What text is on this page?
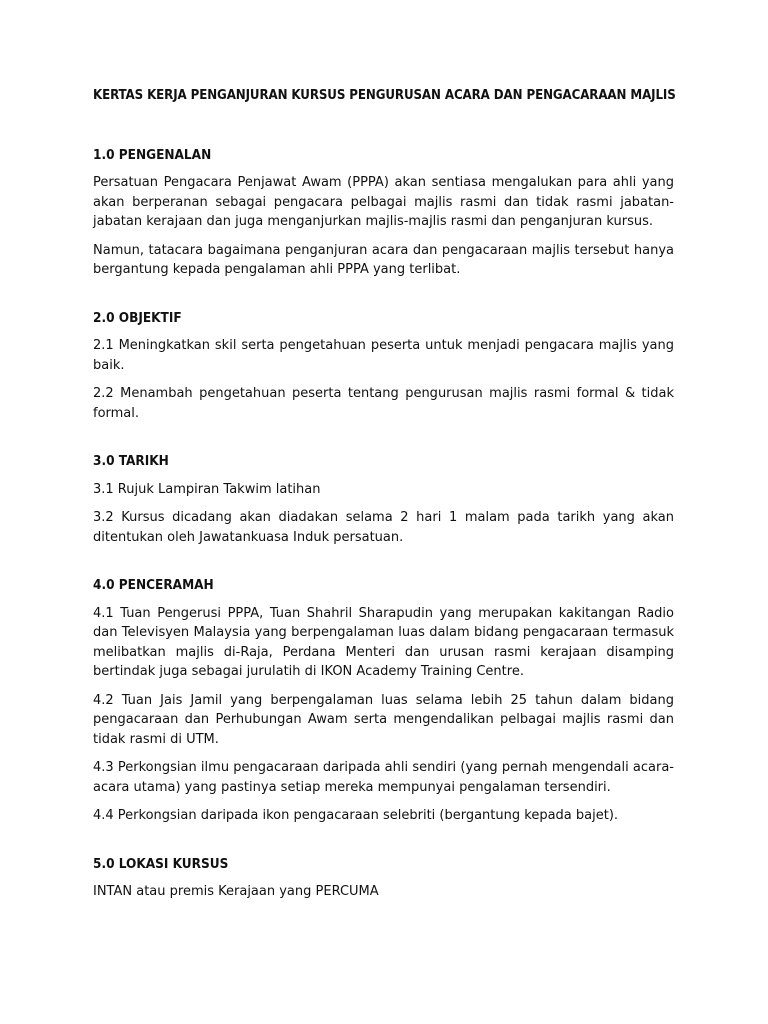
KERTAS KERJA PENGANJURAN KURSUS PENGURUSAN ACARA DAN PENGACARAAN MAJLIS
1.0 PENGENALAN

Persatuan Pengacara Penjawat Awam (PPPA) akan sentiasa mengalukan para ahli yang akan berperanan sebagai pengacara pelbagai majlis rasmi dan tidak rasmi jabatan-jabatan kerajaan dan juga menganjurkan majlis-majlis rasmi dan penganjuran kursus.

Namun, tatacara bagaimana penganjuran acara dan pengacaraan majlis tersebut hanya bergantung kepada pengalaman ahli PPPA yang terlibat.

2.0 OBJEKTIF

2.1 Meningkatkan skil serta pengetahuan peserta untuk menjadi pengacara majlis yang baik.

2.2 Menambah pengetahuan peserta tentang pengurusan majlis rasmi formal & tidak formal.

3.0 TARIKH

3.1 Rujuk Lampiran Takwim latihan

3.2 Kursus dicadang akan diadakan selama 2 hari 1 malam pada tarikh yang akan ditentukan oleh Jawatankuasa Induk persatuan.

4.0 PENCERAMAH

4.1 Tuan Pengerusi PPPA, Tuan Shahril Sharapudin yang merupakan kakitangan Radio dan Televisyen Malaysia yang berpengalaman luas dalam bidang pengacaraan termasuk melibatkan majlis di-Raja, Perdana Menteri dan urusan rasmi kerajaan disamping bertindak juga sebagai jurulatih di IKON Academy Training Centre.

4.2 Tuan Jais Jamil yang berpengalaman luas selama lebih 25 tahun dalam bidang pengacaraan dan Perhubungan Awam serta mengendalikan pelbagai majlis rasmi dan tidak rasmi di UTM.

4.3 Perkongsian ilmu pengacaraan daripada ahli sendiri (yang pernah mengendali acara-acara utama) yang pastinya setiap mereka mempunyai pengalaman tersendiri.

4.4 Perkongsian daripada ikon pengacaraan selebriti (bergantung kepada bajet).

5.0 LOKASI KURSUS

INTAN atau premis Kerajaan yang PERCUMA
